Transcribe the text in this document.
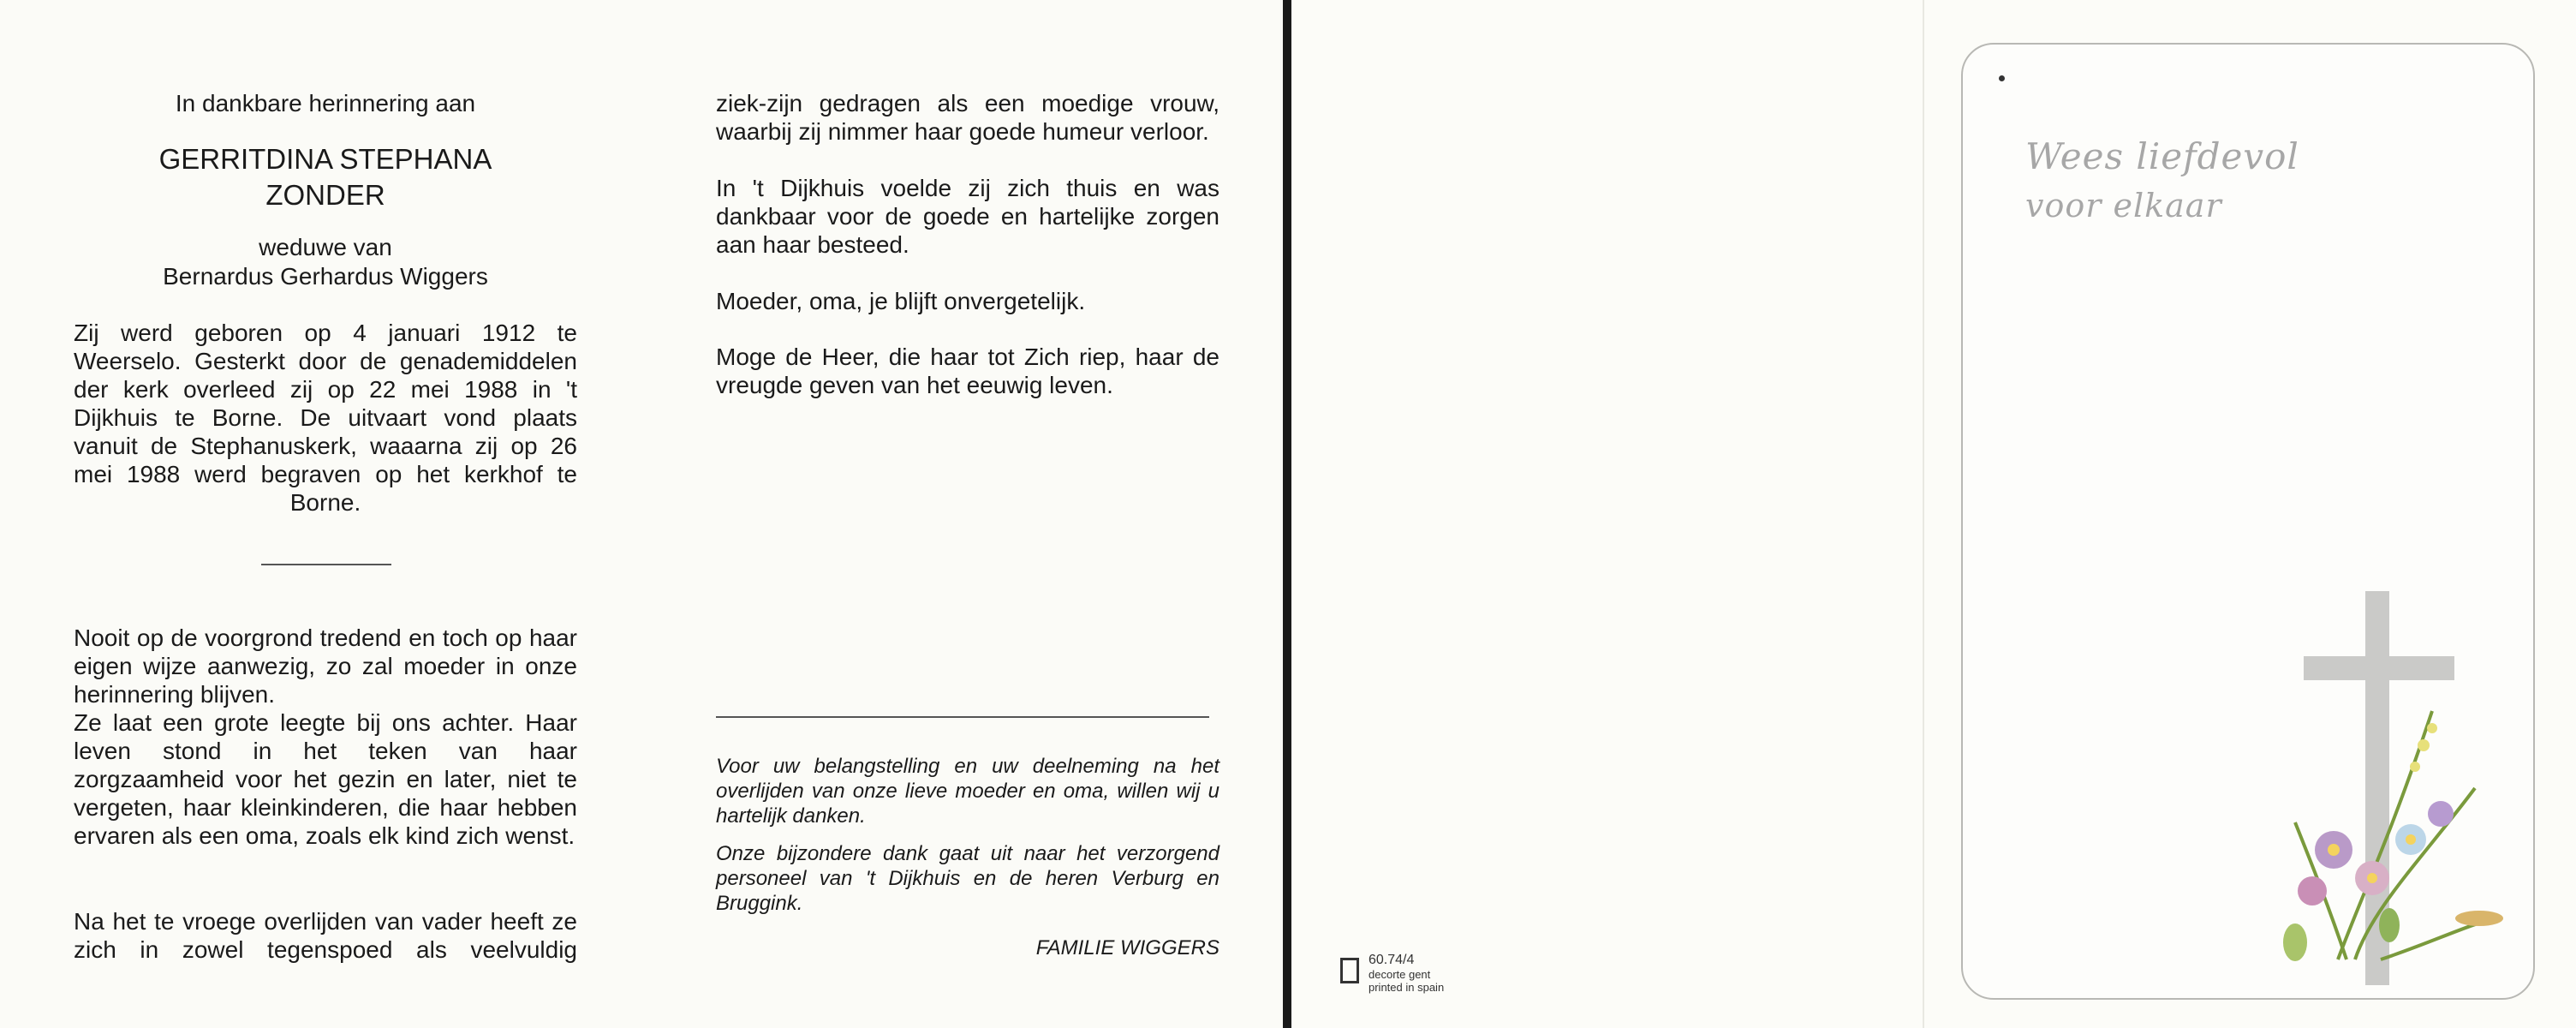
In dankbare herinnering aan
GERRITDINA STEPHANA
ZONDER
weduwe van
Bernardus Gerhardus Wiggers
Zij werd geboren op 4 januari 1912 te Weerselo. Gesterkt door de genademiddelen der kerk overleed zij op 22 mei 1988 in 't Dijkhuis te Borne. De uitvaart vond plaats vanuit de Stephanuskerk, waaarna zij op 26 mei 1988 werd begraven op het kerkhof te Borne.
Nooit op de voorgrond tredend en toch op haar eigen wijze aanwezig, zo zal moeder in onze herinnering blijven.
Ze laat een grote leegte bij ons achter. Haar leven stond in het teken van haar zorgzaamheid voor het gezin en later, niet te vergeten, haar kleinkinderen, die haar hebben ervaren als een oma, zoals elk kind zich wenst.
Na het te vroege overlijden van vader heeft ze zich in zowel tegenspoed als veelvuldig
ziek-zijn gedragen als een moedige vrouw, waarbij zij nimmer haar goede humeur verloor.
In 't Dijkhuis voelde zij zich thuis en was dankbaar voor de goede en hartelijke zorgen aan haar besteed.
Moeder, oma, je blijft onvergetelijk.
Moge de Heer, die haar tot Zich riep, haar de vreugde geven van het eeuwig leven.
Voor uw belangstelling en uw deelneming na het overlijden van onze lieve moeder en oma, willen wij u hartelijk danken.
Onze bijzondere dank gaat uit naar het verzorgend personeel van 't Dijkhuis en de heren Verburg en Bruggink.
FAMILIE WIGGERS
Wees liefdevol
voor elkaar
60.74/4
decorte gent
printed in spain
